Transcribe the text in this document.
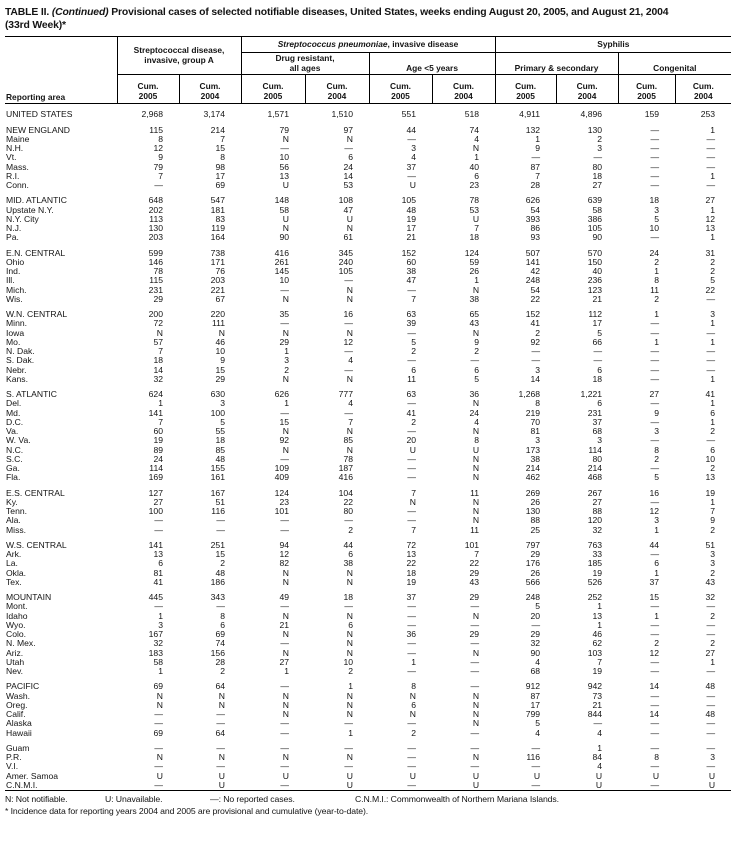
TABLE II. (Continued) Provisional cases of selected notifiable diseases, United States, weeks ending August 20, 2005, and August 21, 2004
(33rd Week)*
Reporting area	Streptococcal disease,
invasive, group A		Streptococcus pneumoniae, invasive disease				Syphilis			

			Drug resistant,
all ages		Age <5 years		Primary & secondary		Congenital	

	Cum.
2005	Cum.
2004	Cum.
2005	Cum.
2004	Cum.
2005	Cum.
2004	Cum.
2005	Cum.
2004	Cum.
2005	Cum.
2004

UNITED STATES	2,968	3,174	1,571	1,510	551	518	4,911	4,896	159	253
NEW ENGLAND	115	214	79	97	44	74	132	130	—	1
Maine	8	7	N	N	—	4	1	2	—	—
N.H.	12	15	—	—	3	N	9	3	—	—
Vt.	9	8	10	6	4	1	—	—	—	—
Mass.	79	98	56	24	37	40	87	80	—	—
R.I.	7	17	13	14	—	6	7	18	—	1
Conn.	—	69	U	53	U	23	28	27	—	—
MID. ATLANTIC	648	547	148	108	105	78	626	639	18	27
Upstate N.Y.	202	181	58	47	48	53	54	58	3	1
N.Y. City	113	83	U	U	19	U	393	386	5	12
N.J.	130	119	N	N	17	7	86	105	10	13
Pa.	203	164	90	61	21	18	93	90	—	1
E.N. CENTRAL	599	738	416	345	152	124	507	570	24	31
Ohio	146	171	261	240	60	59	141	150	2	2
Ind.	78	76	145	105	38	26	42	40	1	2
Ill.	115	203	10	—	47	1	248	236	8	5
Mich.	231	221	—	N	—	N	54	123	11	22
Wis.	29	67	N	N	7	38	22	21	2	—
W.N. CENTRAL	200	220	35	16	63	65	152	112	1	3
Minn.	72	111	—	—	39	43	41	17	—	1
Iowa	N	N	N	N	—	N	2	5	—	—
Mo.	57	46	29	12	5	9	92	66	1	1
N. Dak.	7	10	1	—	2	2	—	—	—	—
S. Dak.	18	9	3	4	—	—	—	—	—	—
Nebr.	14	15	2	—	6	6	3	6	—	—
Kans.	32	29	N	N	11	5	14	18	—	1
S. ATLANTIC	624	630	626	777	63	36	1,268	1,221	27	41
Del.	1	3	1	4	—	N	8	6	—	1
Md.	141	100	—	—	41	24	219	231	9	6
D.C.	7	5	15	7	2	4	70	37	—	1
Va.	60	55	N	N	—	N	81	68	3	2
W. Va.	19	18	92	85	20	8	3	3	—	—
N.C.	89	85	N	N	U	U	173	114	8	6
S.C.	24	48	—	78	—	N	38	80	2	10
Ga.	114	155	109	187	—	N	214	214	—	2
Fla.	169	161	409	416	—	N	462	468	5	13
E.S. CENTRAL	127	167	124	104	7	11	269	267	16	19
Ky.	27	51	23	22	N	N	26	27	—	1
Tenn.	100	116	101	80	—	N	130	88	12	7
Ala.	—	—	—	—	—	N	88	120	3	9
Miss.	—	—	—	2	7	11	25	32	1	2
W.S. CENTRAL	141	251	94	44	72	101	797	763	44	51
Ark.	13	15	12	6	13	7	29	33	—	3
La.	6	2	82	38	22	22	176	185	6	3
Okla.	81	48	N	N	18	29	26	19	1	2
Tex.	41	186	N	N	19	43	566	526	37	43
MOUNTAIN	445	343	49	18	37	29	248	252	15	32
Mont.	—	—	—	—	—	—	5	1	—	—
Idaho	1	8	N	N	—	N	20	13	1	2
Wyo.	3	6	21	6	—	—	—	1	—	—
Colo.	167	69	N	N	36	29	29	46	—	—
N. Mex.	32	74	—	N	—	—	32	62	2	2
Ariz.	183	156	N	N	—	N	90	103	12	27
Utah	58	28	27	10	1	—	4	7	—	1
Nev.	1	2	1	2	—	—	68	19	—	—
PACIFIC	69	64	—	1	8	—	912	942	14	48
Wash.	N	N	N	N	N	N	87	73	—	—
Oreg.	N	N	N	N	6	N	17	21	—	—
Calif.	—	—	N	N	N	N	799	844	14	48
Alaska	—	—	—	—	—	N	5	—	—	—
Hawaii	69	64	—	1	2	—	4	4	—	—
Guam	—	—	—	—	—	—	—	1	—	—
P.R.	N	N	N	N	—	N	116	84	8	3
V.I.	—	—	—	—	—	—	—	4	—	—
Amer. Samoa	U	U	U	U	U	U	U	U	U	U
C.N.M.I.	—	U	—	U	—	U	—	U	—	U
N: Not notifiable.	U: Unavailable.	—: No reported cases.	C.N.M.I.: Commonwealth of Northern Mariana Islands.
* Incidence data for reporting years 2004 and 2005 are provisional and cumulative (year-to-date).
